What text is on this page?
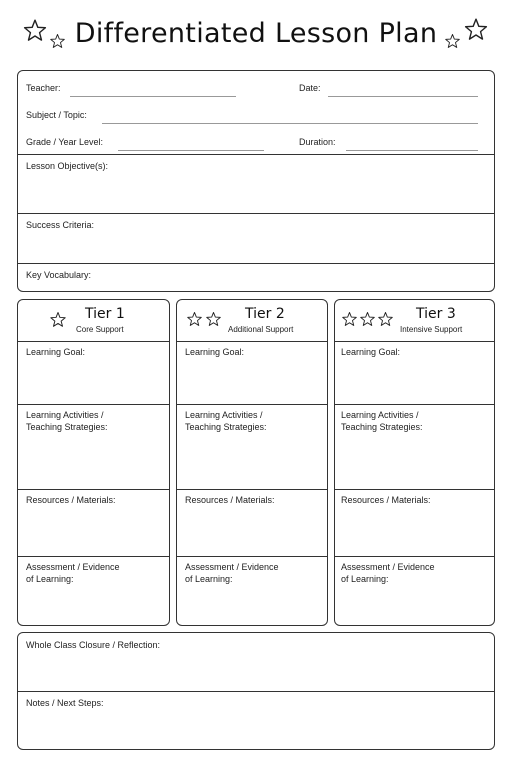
Differentiated Lesson Plan
Teacher:	Date:
Subject / Topic:
Grade / Year Level:	Duration:
Lesson Objective(s):
Success Criteria:
Key Vocabulary:
Tier 1
Core Support
Learning Goal:
Learning Activities /
Teaching Strategies:
Resources / Materials:
Assessment / Evidence
of Learning:
Tier 2
Additional Support
Learning Goal:
Learning Activities /
Teaching Strategies:
Resources / Materials:
Assessment / Evidence
of Learning:
Tier 3
Intensive Support
Learning Goal:
Learning Activities /
Teaching Strategies:
Resources / Materials:
Assessment / Evidence
of Learning:
Whole Class Closure / Reflection:
Notes / Next Steps:
